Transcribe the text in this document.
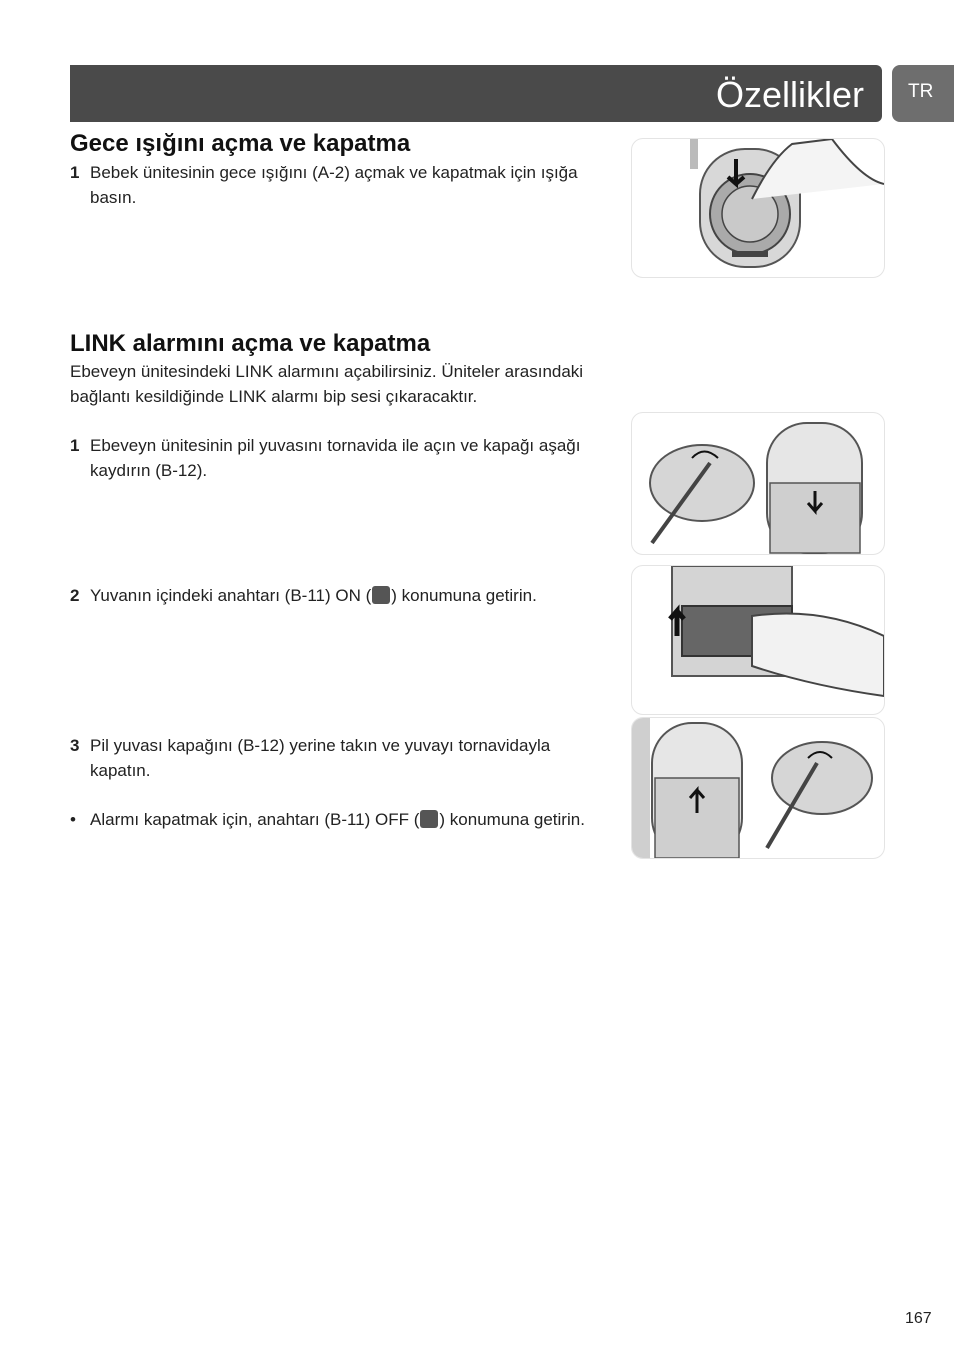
Özellikler TR
Gece ışığını açma ve kapatma
1 Bebek ünitesinin gece ışığını (A-2) açmak ve kapatmak için ışığa basın.
LINK alarmını açma ve kapatma

Ebeveyn ünitesindeki LINK alarmını açabilirsiniz. Üniteler arasındaki bağlantı kesildiğinde LINK alarmı bip sesi çıkaracaktır.

1 Ebeveyn ünitesinin pil yuvasını tornavida ile açın ve kapağı aşağı kaydırın (B-12).
2 Yuvanın içindeki anahtarı (B-11) ON ( ) konumuna getirin.
3 Pil yuvası kapağını (B-12) yerine takın ve yuvayı tornavidayla kapatın.
• Alarmı kapatmak için, anahtarı (B-11) OFF ( ) konumuna getirin.
167
